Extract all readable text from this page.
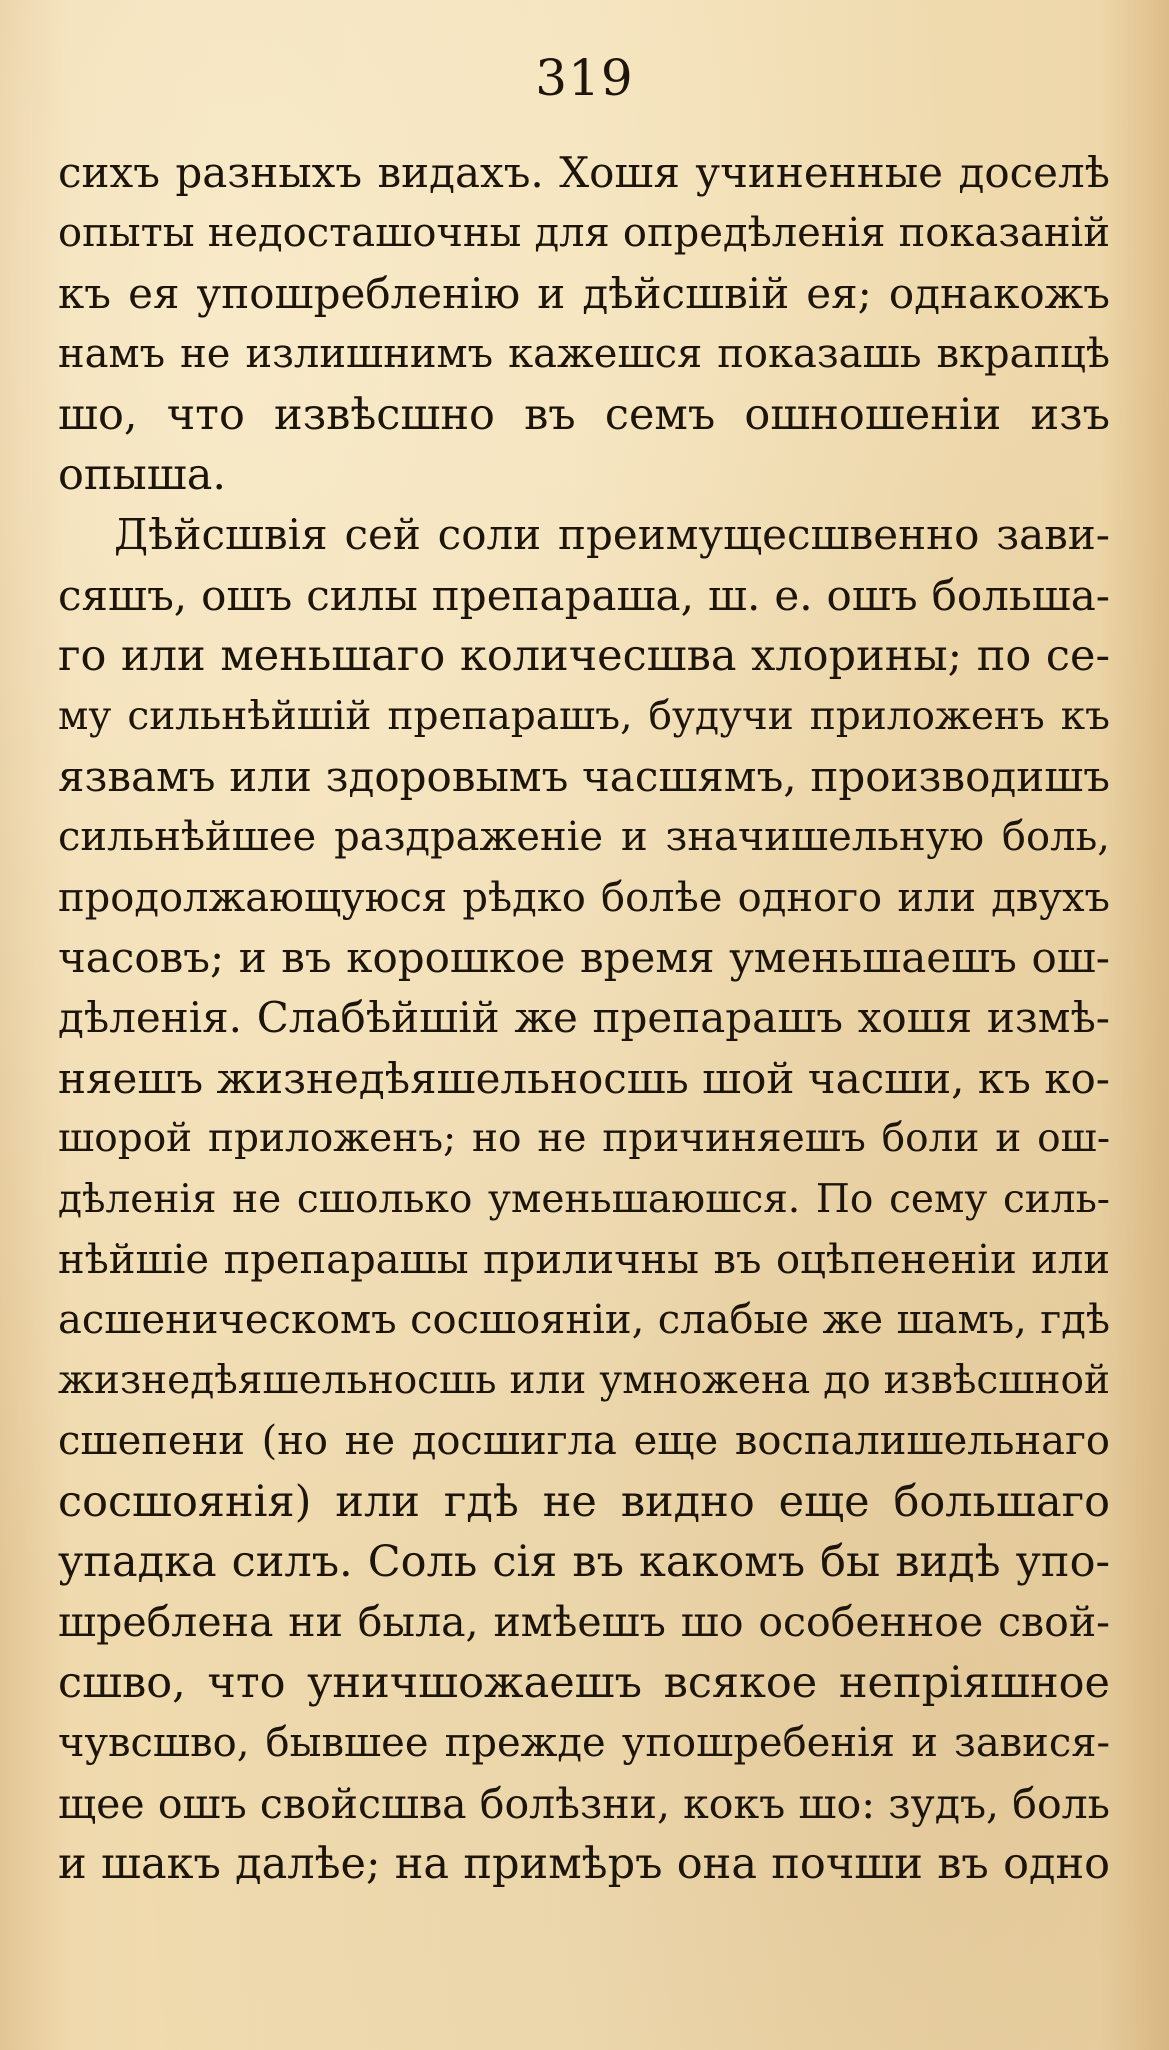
319
сихъ разныхъ видахъ. Хошя учиненные доселѣ
опыты недосташочны для опредѣленія показаній
къ ея упошребленію и дѣйсшвій ея; однакожъ
намъ не излишнимъ кажешся показашь вкрапцѣ
шо, что извѣсшно въ семъ ошношеніи изъ
опыша.
Дѣйсшвія сей соли преимущесшвенно зави-
сяшъ, ошъ силы препараша, ш. е. ошъ больша-
го или меньшаго количесшва хлорины; по се-
му сильнѣйшій препарашъ, будучи приложенъ къ
язвамъ или здоровымъ часшямъ, производишъ
сильнѣйшее раздраженіе и значишельную боль,
продолжающуюся рѣдко болѣе одного или двухъ
часовъ; и въ корошкое время уменьшаешъ ош-
дѣленія. Слабѣйшій же препарашъ хошя измѣ-
няешъ жизнедѣяшельносшь шой часши, къ ко-
шорой приложенъ; но не причиняешъ боли и ош-
дѣленія не сшолько уменьшаюшся. По сему силь-
нѣйшіе препарашы приличны въ оцѣпененіи или
асшеническомъ сосшояніи, слабые же шамъ, гдѣ
жизнедѣяшельносшь или умножена до извѣсшной
сшепени (но не досшигла еще воспалишельнаго
сосшоянія) или гдѣ не видно еще большаго
упадка силъ. Соль сія въ какомъ бы видѣ упо-
шреблена ни была, имѣешъ шо особенное свой-
сшво, что уничшожаешъ всякое непріяшное
чувсшво, бывшее прежде упошребенія и завися-
щее ошъ свойсшва болѣзни, кокъ шо: зудъ, боль
и шакъ далѣе; на примѣръ она почши въ одно
